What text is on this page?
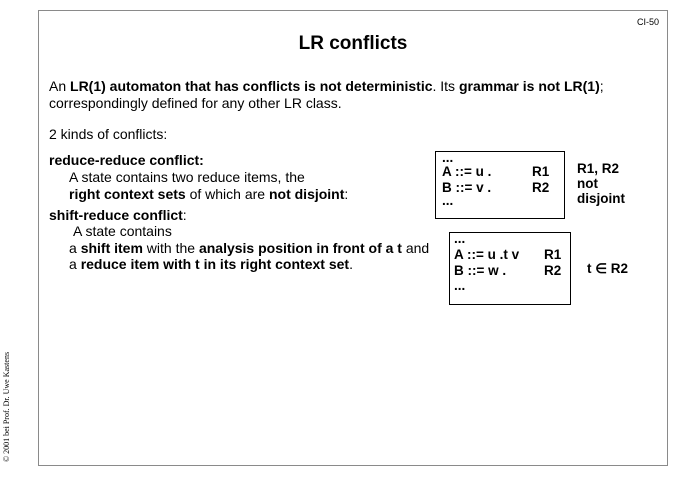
CI-50
LR conflicts
An LR(1) automaton that has conflicts is not deterministic. Its grammar is not LR(1);
correspondingly defined for any other LR class.
2 kinds of conflicts:
reduce-reduce conflict:
A state contains two reduce items, the
right context sets of which are not disjoint:
...
A ::= u .	R1
B ::= v .	R2
...
R1, R2
not
disjoint
shift-reduce conflict:
A state contains
a shift item with the analysis position in front of a t and
a reduce item with t in its right context set.
...
A ::= u .t v R1
B ::= w .	R2
...
t ∈ R2
© 2001 bei Prof. Dr. Uwe Kastens
